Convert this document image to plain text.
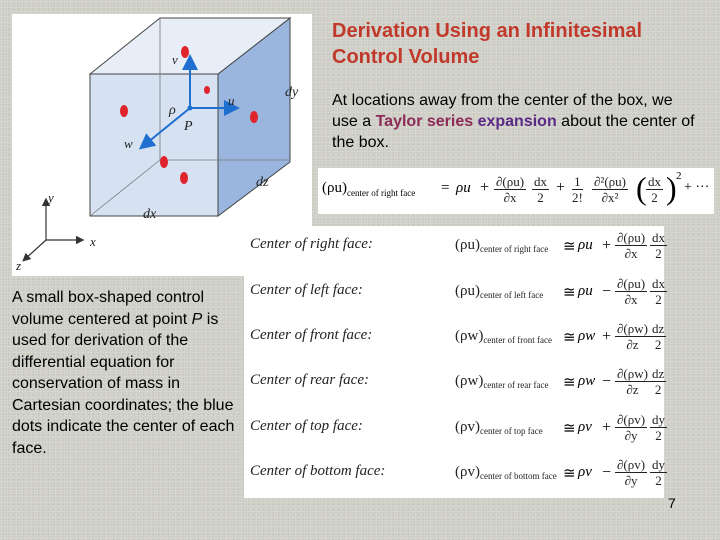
Derivation Using an Infinitesimal Control Volume
At locations away from the center of the box, we use a Taylor series expansion about the center of the box.
v
ρ
u
P
w
dy
dz
dx
y
x
z
$(\rho u)_{center of right face} = \rho u + \frac{\partial(\rho u)}{\partial x} \frac{dx}{2} + \frac{1}{2!} \frac{\text{∂²(ρu)}}{\text{∂x²}}$ ( $\frac{dx}{2}$ ) 2
+ ···
Center of right face:	$(\rho u)_{center of right face}$ ≅ $\rho u + \frac{\partial(\rho u)}{\partial x} \frac{dx}{2}$
Center of left face:	$(\rho u)_{center of left face}$ ≅ $\rho u - \frac{\partial(\rho u)}{\partial x} \frac{dx}{2}$
Center of front face:	$(\rho w)_{center of front face}$ ≅ $\rho w + \frac{\partial(\rho w)}{\partial z} \frac{dz}{2}$
Center of rear face:	$(\rho w)_{center of rear face}$ ≅ $\rho w - \frac{\partial(\rho w)}{\partial z} \frac{dz}{2}$
Center of top face:	$(\rho v)_{center of top face}$ ≅ $\rho v + \frac{\partial(\rho v)}{\partial y} \frac{dy}{2}$
Center of bottom face:	$(\rho v)_{center of bottom face}$ ≅ $\rho v - \frac{\partial(\rho v)}{\partial y} \frac{dy}{2}$
A small box-shaped control volume centered at point P is used for derivation of the differential equation for conservation of mass in Cartesian coordinates; the blue dots indicate the center of each face.
7
